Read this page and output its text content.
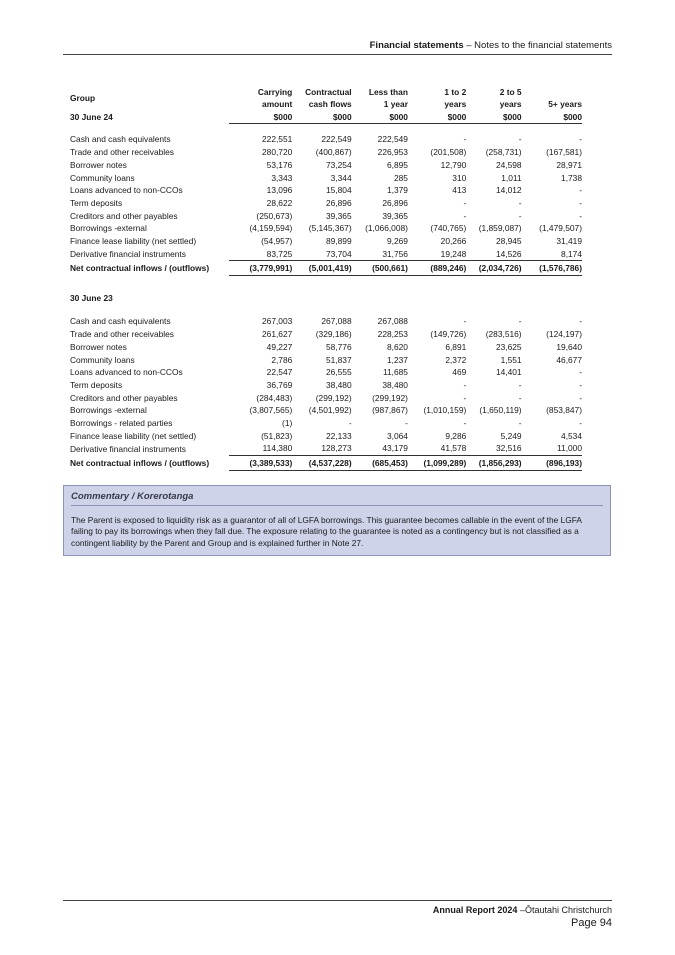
Financial statements – Notes to the financial statements
	Carrying	Contractual	Less than	1 to 2	2 to 5	
Group	amount	cash flows	1 year	years	years	5+ years
30 June 24	$000	$000	$000	$000	$000	$000

Cash and cash equivalents	222,551	222,549	222,549	-	-	-
Trade and other receivables	280,720	(400,867)	226,953	(201,508)	(258,731)	(167,581)
Borrower notes	53,176	73,254	6,895	12,790	24,598	28,971
Community loans	3,343	3,344	285	310	1,011	1,738
Loans advanced to non-CCOs	13,096	15,804	1,379	413	14,012	-
Term deposits	28,622	26,896	26,896	-	-	-
Creditors and other payables	(250,673)	39,365	39,365	-	-	-
Borrowings -external	(4,159,594)	(5,145,367)	(1,066,008)	(740,765)	(1,859,087)	(1,479,507)
Finance lease liability (net settled)	(54,957)	89,899	9,269	20,266	28,945	31,419
Derivative financial instruments	83,725	73,704	31,756	19,248	14,526	8,174
Net contractual inflows / (outflows)	(3,779,991)	(5,001,419)	(500,661)	(889,246)	(2,034,726)	(1,576,786)

30 June 23						

Cash and cash equivalents	267,003	267,088	267,088	-	-	-
Trade and other receivables	261,627	(329,186)	228,253	(149,726)	(283,516)	(124,197)
Borrower notes	49,227	58,776	8,620	6,891	23,625	19,640
Community loans	2,786	51,837	1,237	2,372	1,551	46,677
Loans advanced to non-CCOs	22,547	26,555	11,685	469	14,401	-
Term deposits	36,769	38,480	38,480	-	-	-
Creditors and other payables	(284,483)	(299,192)	(299,192)	-	-	-
Borrowings -external	(3,807,565)	(4,501,992)	(987,867)	(1,010,159)	(1,650,119)	(853,847)
Borrowings - related parties	(1)	-	-	-	-	-
Finance lease liability (net settled)	(51,823)	22,133	3,064	9,286	5,249	4,534
Derivative financial instruments	114,380	128,273	43,179	41,578	32,516	11,000
Net contractual inflows / (outflows)	(3,389,533)	(4,537,228)	(685,453)	(1,099,289)	(1,856,293)	(896,193)
Commentary / Korerotanga
The Parent is exposed to liquidity risk as a guarantor of all of LGFA borrowings. This guarantee becomes callable in the event of the LGFA failing to pay its borrowings when they fall due. The exposure relating to the guarantee is noted as a contingency but is not classified as a contingent liability by the Parent and Group and is explained further in Note 27.
Annual Report 2024 –Ōtautahi Christchurch
Page 94
